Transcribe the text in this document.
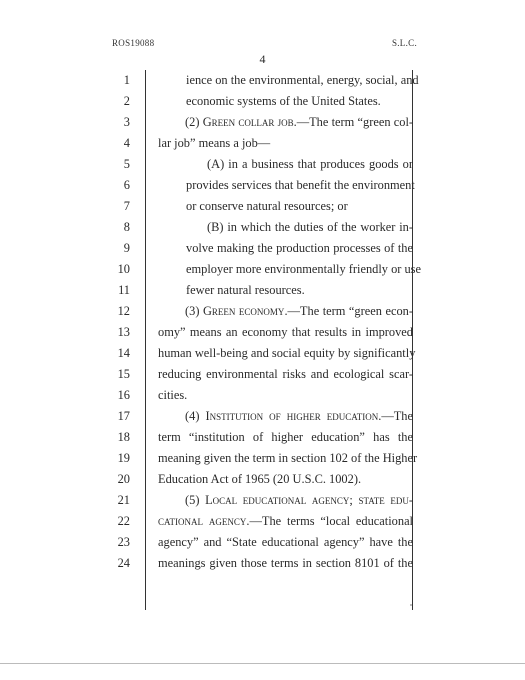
ROS19088	S.L.C.
4
1	ience on the environmental, energy, social, and
2	economic systems of the United States.
3	(2) Green collar job.—The term “green col-
4 lar job” means a job—
5	(A) in a business that produces goods or
6	provides services that benefit the environment
7	or conserve natural resources; or
8	(B) in which the duties of the worker in-
9	volve making the production processes of the
10	employer more environmentally friendly or use
11	fewer natural resources.
12	(3) Green economy.—The term “green econ-
13 omy” means an economy that results in improved
14 human well-being and social equity by significantly
15 reducing environmental risks and ecological scar-
16 cities.
17	(4) Institution of higher education.—The
18 term “institution of higher education” has the
19 meaning given the term in section 102 of the Higher
20 Education Act of 1965 (20 U.S.C. 1002).
21	(5) Local educational agency; state edu-
22 cational agency.—The terms “local educational
23 agency” and “State educational agency” have the
24 meanings given those terms in section 8101 of the
